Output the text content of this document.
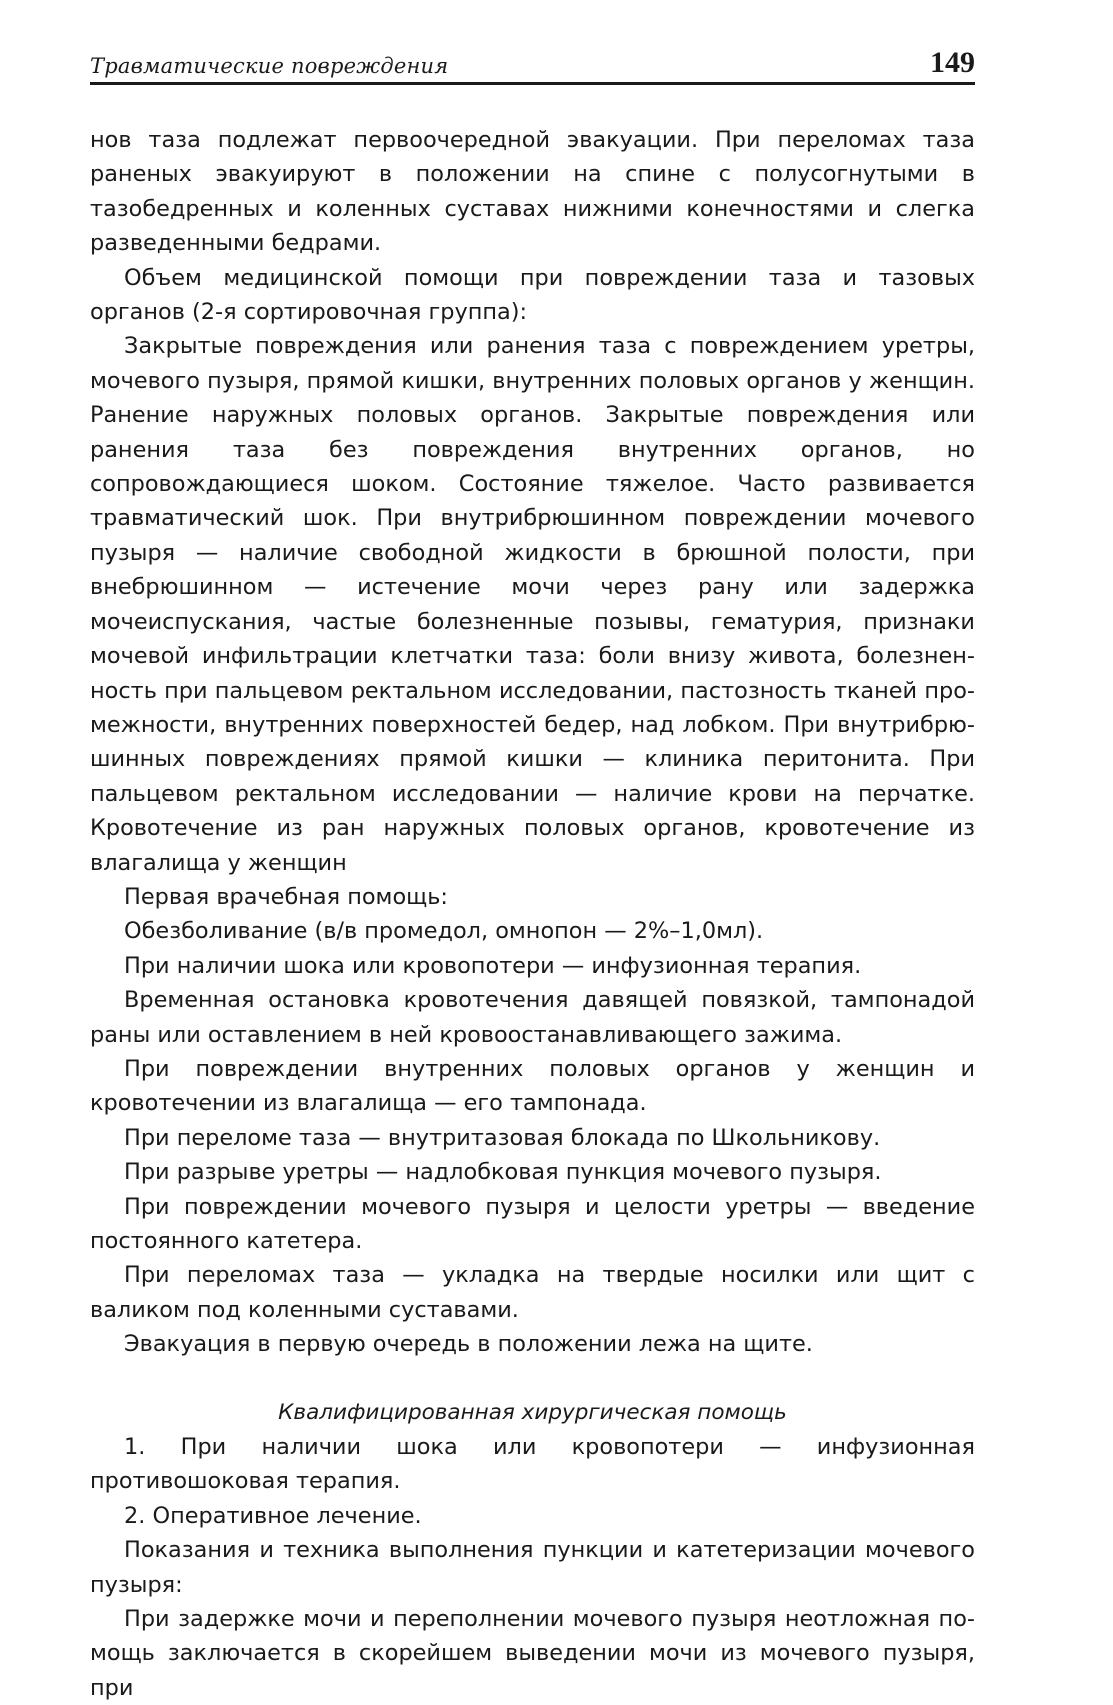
Травматические повреждения	149

нов таза подлежат первоочередной эвакуации. При переломах таза раненых эвакуируют в положении на спине с полусогнутыми в тазобедренных и коленных суставах нижними конечностями и слегка разведенными бедрами.

Объем медицинской помощи при повреждении таза и тазовых органов (2-я сортировочная группа):

Закрытые повреждения или ранения таза с повреждением уретры, мочевого пузыря, прямой кишки, внутренних половых органов у женщин. Ранение наружных половых органов. Закрытые повреждения или ранения таза без повреждения внутренних органов, но сопровождающиеся шоком. Состояние тяжелое. Часто развивается травматический шок. При внутрибрюшинном повреждении мочевого пузыря — наличие свободной жидкости в брюшной полости, при внебрюшинном — истечение мочи через рану или задержка мочеиспускания, частые болезненные позывы, гематурия, признаки мочевой инфильтрации клетчатки таза: боли внизу живота, болезненность при пальцевом ректальном исследовании, пастозность тканей промежности, внутренних поверхностей бедер, над лобком. При внутрибрюшинных повреждениях прямой кишки — клиника перитонита. При пальцевом ректальном исследовании — наличие крови на перчатке. Кровотечение из ран наружных половых органов, кровотечение из влагалища у женщин

Первая врачебная помощь:

Обезболивание (в/в промедол, омнопон — 2%–1,0мл).

При наличии шока или кровопотери — инфузионная терапия.

Временная остановка кровотечения давящей повязкой, тампонадой раны или оставлением в ней кровоостанавливающего зажима.

При повреждении внутренних половых органов у женщин и кровотечении из влагалища — его тампонада.

При переломе таза — внутритазовая блокада по Школьникову.

При разрыве уретры — надлобковая пункция мочевого пузыря.

При повреждении мочевого пузыря и целости уретры — введение постоянного катетера.

При переломах таза — укладка на твердые носилки или щит с валиком под коленными суставами.

Эвакуация в первую очередь в положении лежа на щите.

Квалифицированная хирургическая помощь

1. При наличии шока или кровопотери — инфузионная противошоковая терапия.

2. Оперативное лечение.

Показания и техника выполнения пункции и катетеризации мочевого пузыря:

При задержке мочи и переполнении мочевого пузыря неотложная помощь заключается в скорейшем выведении мочи из мочевого пузыря, при
